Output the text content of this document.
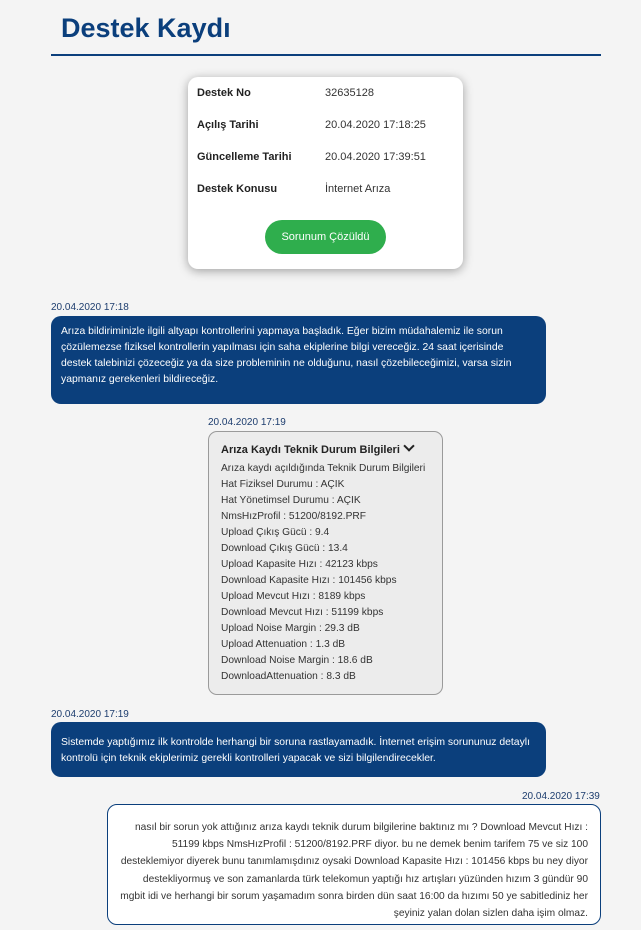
Destek Kaydı
Destek No	32635128
Açılış Tarihi	20.04.2020 17:18:25
Güncelleme Tarihi	20.04.2020 17:39:51
Destek Konusu	İnternet Arıza
Sorunum Çözüldü
20.04.2020 17:18
Arıza bildiriminizle ilgili altyapı kontrollerini yapmaya başladık. Eğer bizim müdahalemiz ile sorun çözülemezse fiziksel kontrollerin yapılması için saha ekiplerine bilgi vereceğiz. 24 saat içerisinde destek talebinizi çözeceğiz ya da size probleminin ne olduğunu, nasıl çözebileceğimizi, varsa sizin yapmanız gerekenleri bildireceğiz.
20.04.2020 17:19
Arıza Kaydı Teknik Durum Bilgileri
Arıza kaydı açıldığında Teknik Durum Bilgileri
Hat Fiziksel Durumu : AÇIK
Hat Yönetimsel Durumu : AÇIK
NmsHızProfil : 51200/8192.PRF
Upload Çıkış Gücü : 9.4
Download Çıkış Gücü : 13.4
Upload Kapasite Hızı : 42123 kbps
Download Kapasite Hızı : 101456 kbps
Upload Mevcut Hızı : 8189 kbps
Download Mevcut Hızı : 51199 kbps
Upload Noise Margin : 29.3 dB
Upload Attenuation : 1.3 dB
Download Noise Margin : 18.6 dB
DownloadAttenuation : 8.3 dB
20.04.2020 17:19
Sistemde yaptığımız ilk kontrolde herhangi bir soruna rastlayamadık. İnternet erişim sorununuz detaylı kontrolü için teknik ekiplerimiz gerekli kontrolleri yapacak ve sizi bilgilendirecekler.
20.04.2020 17:39
nasıl bir sorun yok attığınız arıza kaydı teknik durum bilgilerine baktınız mı ? Download Mevcut Hızı : 51199 kbps NmsHızProfil : 51200/8192.PRF diyor. bu ne demek benim tarifem 75 ve siz 100 desteklemiyor diyerek bunu tanımlamışdınız oysaki Download Kapasite Hızı : 101456 kbps bu ney diyor destekliyormuş ve son zamanlarda türk telekomun yaptığı hız artışları yüzünden hızım 3 gündür 90 mgbit idi ve herhangi bir sorum yaşamadım sonra birden dün saat 16:00 da hızımı 50 ye sabitlediniz her şeyiniz yalan dolan sizlen daha işim olmaz.
